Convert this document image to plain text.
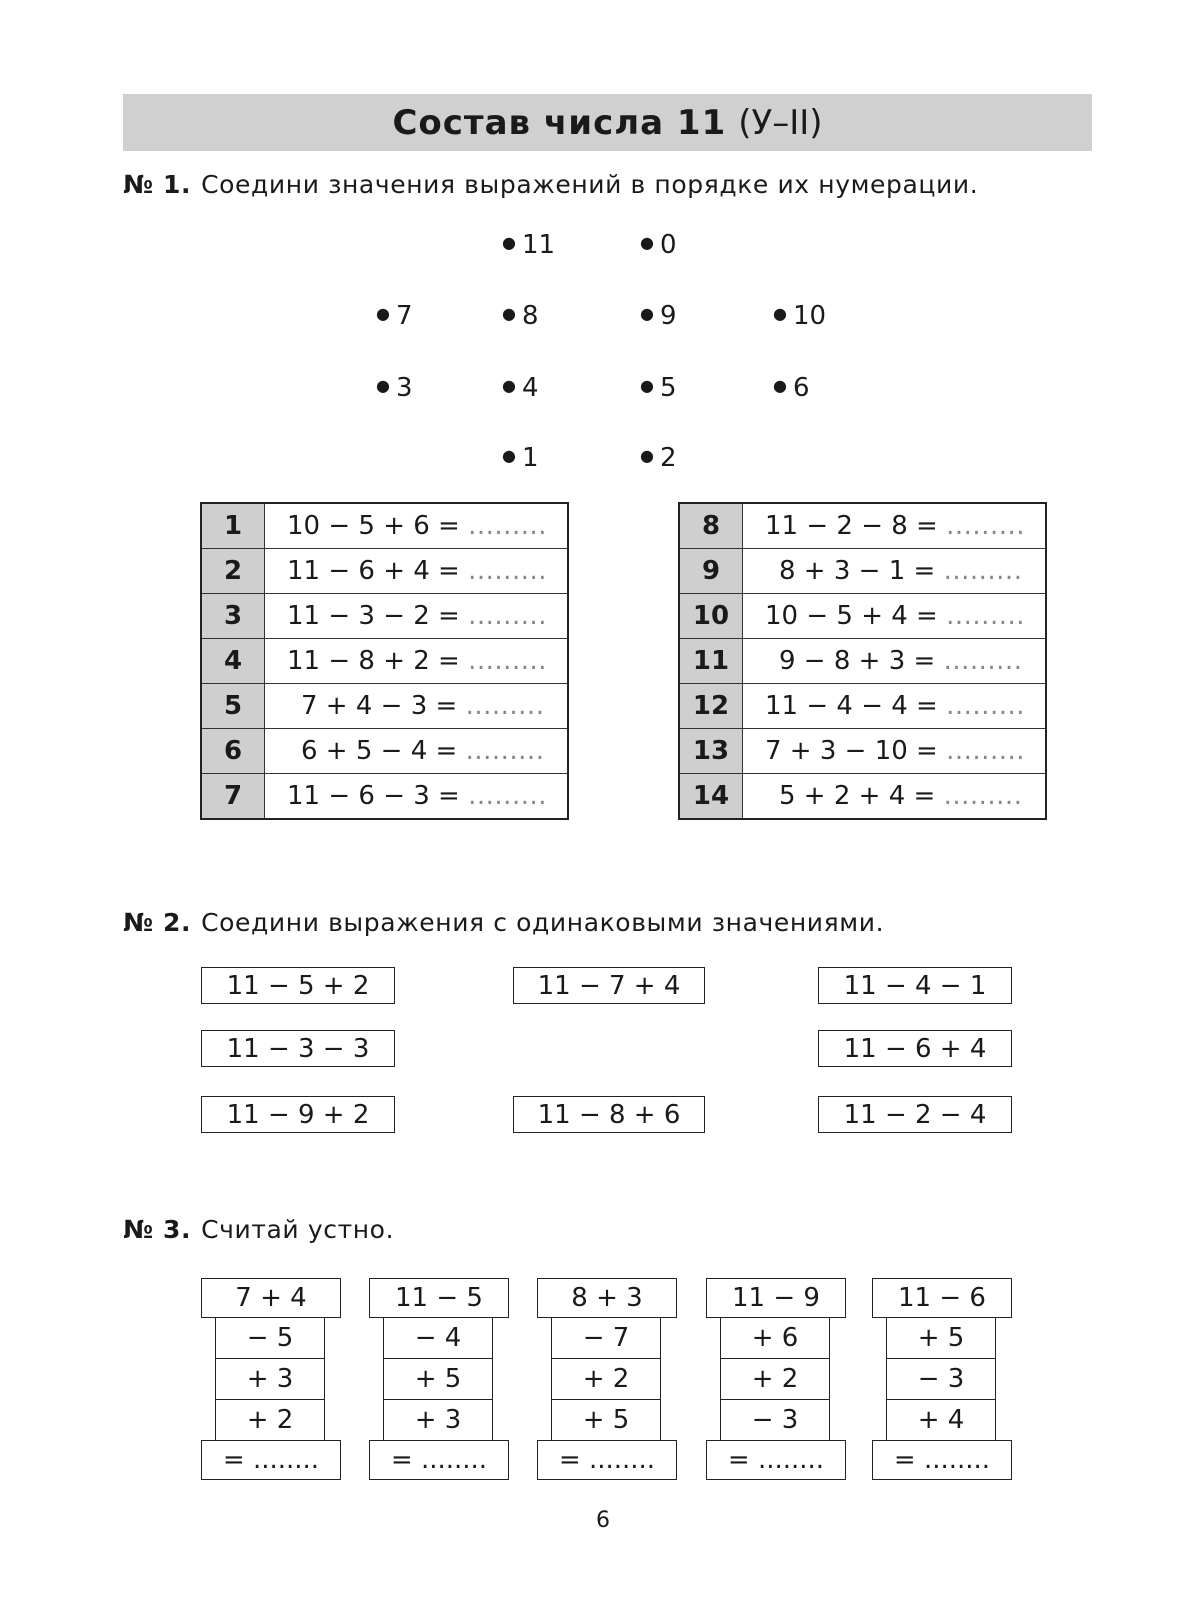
Состав числа 11 (У–II)
№ 1. Соедини значения выражений в порядке их нумерации.
● 11	● 0
● 7	● 8	● 9	● 10
● 3	● 4	● 5	● 6
● 1	● 2
1	10 − 5 + 6 = .........
2	11 − 6 + 4 = .........
3	11 − 3 − 2 = .........
4	11 − 8 + 2 = .........
5	7 + 4 − 3 = .........
6	6 + 5 − 4 = .........
7	11 − 6 − 3 = .........
8	11 − 2 − 8 = .........
9	8 + 3 − 1 = .........
10	10 − 5 + 4 = .........
11	9 − 8 + 3 = .........
12	11 − 4 − 4 = .........
13	7 + 3 − 10 = .........
14	5 + 2 + 4 = .........
№ 2. Соедини выражения с одинаковыми значениями.
11 − 5 + 2	11 − 7 + 4	11 − 4 − 1
11 − 3 − 3	11 − 6 + 4
11 − 9 + 2	11 − 8 + 6	11 − 2 − 4
№ 3. Считай устно.
7 + 4
− 5
+ 3
+ 2
= ........
11 − 5
− 4
+ 5
+ 3
= ........
8 + 3
− 7
+ 2
+ 5
= ........
11 − 9
+ 6
+ 2
− 3
= ........
11 − 6
+ 5
− 3
+ 4
= ........
6
